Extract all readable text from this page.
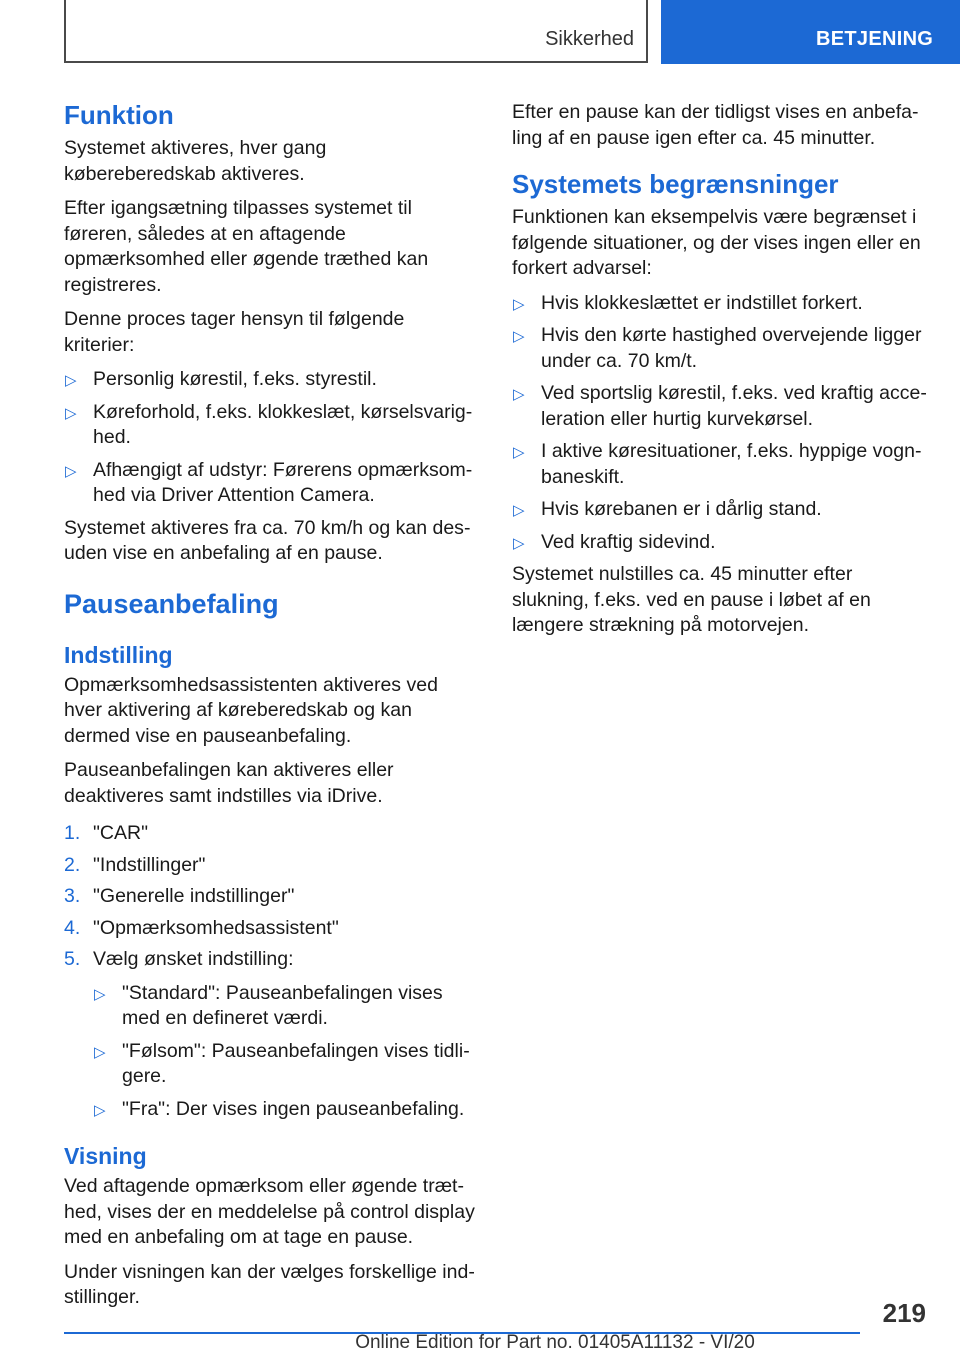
Sikkerhed	BETJENING
Funktion

Systemet aktiveres, hver gang købereberedskab aktiveres.

Efter igangsætning tilpasses systemet til føreren, således at en aftagende opmærksomhed eller øgende træthed kan registreres.

Denne proces tager hensyn til følgende kriterier:

▷ Personlig kørestil, f.eks. styrestil.
▷ Køreforhold, f.eks. klokkeslæt, kørselsvarighed.
▷ Afhængigt af udstyr: Førerens opmærksomhed via Driver Attention Camera.

Systemet aktiveres fra ca. 70 km/h og kan desuden vise en anbefaling af en pause.

Pauseanbefaling
Indstilling

Opmærksomhedsassistenten aktiveres ved hver aktivering af køreberedskab og kan dermed vise en pauseanbefaling.

Pauseanbefalingen kan aktiveres eller deaktiveres samt indstilles via iDrive.

1. "CAR"
2. "Indstillinger"
3. "Generelle indstillinger"
4. "Opmærksomhedsassistent"
5. Vælg ønsket indstilling:
▷ "Standard": Pauseanbefalingen vises med en defineret værdi.
▷ "Følsom": Pauseanbefalingen vises tidligere.
▷ "Fra": Der vises ingen pauseanbefaling.
Visning

Ved aftagende opmærksom eller øgende træthed, vises der en meddelelse på control display med en anbefaling om at tage en pause.

Under visningen kan der vælges forskellige indstillinger.

Efter en pause kan der tidligst vises en anbefaling af en pause igen efter ca. 45 minutter.

Systemets begrænsninger

Funktionen kan eksempelvis være begrænset i følgende situationer, og der vises ingen eller en forkert advarsel:

▷ Hvis klokkeslættet er indstillet forkert.
▷ Hvis den kørte hastighed overvejende ligger under ca. 70 km/t.
▷ Ved sportslig kørestil, f.eks. ved kraftig acceleration eller hurtig kurvekørsel.
▷ I aktive køresituationer, f.eks. hyppige vognbaneskift.
▷ Hvis kørebanen er i dårlig stand.
▷ Ved kraftig sidevind.

Systemet nulstilles ca. 45 minutter efter slukning, f.eks. ved en pause i løbet af en længere strækning på motorvejen.

219
Online Edition for Part no. 01405A11132 - VI/20
